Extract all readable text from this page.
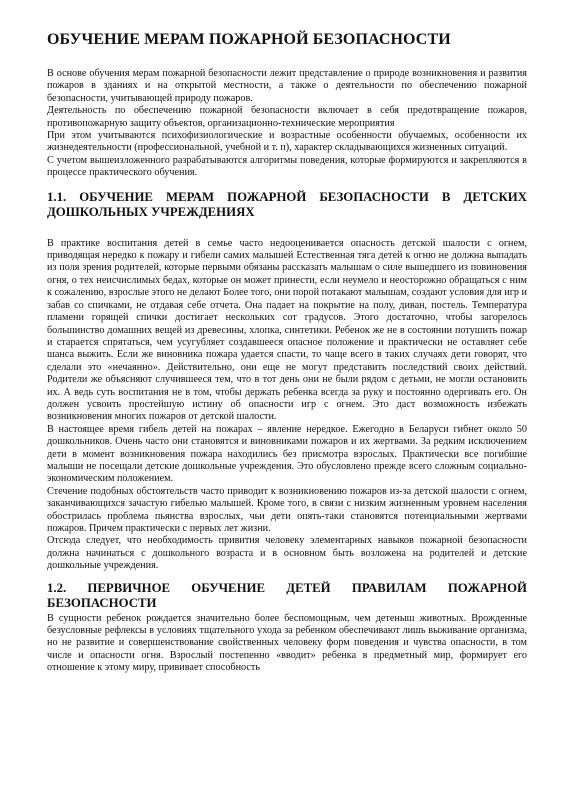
ОБУЧЕНИЕ МЕРАМ ПОЖАРНОЙ БЕЗОПАСНОСТИ

В основе обучения мерам пожарной безопасности лежит представление о природе возникновения и развития пожаров в зданиях и на открытой местности, а также о деятельности по обеспечению пожарной безопасности, учитывающей природу пожаров.

Деятельность по обеспечению пожарной безопасности включает в себя предотвращение пожаров, противопожарную защиту объектов, организационно-технические мероприятия

При этом учитываются психофизиологические и возрастные особенности обучаемых, особенности их жизнедеятельности (профессиональной, учебной и т. п), характер складывающихся жизненных ситуаций.

С учетом вышеизложенного разрабатываются алгоритмы поведения, которые формируются и закрепляются в процессе практического обучения.

1.1. ОБУЧЕНИЕ МЕРАМ ПОЖАРНОЙ БЕЗОПАСНОСТИ В ДЕТСКИХ ДОШКОЛЬНЫХ УЧРЕЖДЕНИЯХ

В практике воспитания детей в семье часто недооценивается опасность детской шалости с огнем, приводящая нередко к пожару и гибели самих малышей Естественная тяга детей к огню не должна выпадать из поля зрения родителей, которые первыми обязаны рассказать малышам о силе вышедшего из повиновения огня, о тех неисчислимых бедах, которые он может принести, если неумело и неосторожно обращаться с ним к сожалению, взрослые этого не делают Более того, они порой потакают малышам, создают условия для игр и забав со спичками, не отдавая себе отчета. Она падает на покрытие на полу, диван, постель. Температура пламени горящей спички достигает нескольких сот градусов. Этого достаточно, чтобы загорелось большинство домашних вещей из древесины, хлопка, синтетики. Ребенок же не в состоянии потушить пожар и старается спрятаться, чем усугубляет создавшееся опасное положение и практически не оставляет себе шанса выжить. Если же виновника пожара удается спасти, то чаще всего в таких случаях дети говорят, что сделали это «нечаянно». Действительно, они еще не могут представить последствий своих действий. Родители же объясняют случившееся тем, что в тот день они не были рядом с детьми, не могли остановить их. А ведь суть воспитания не в том, чтобы держать ребенка всегда за руку и постоянно одергивать его. Он должен усвоить простейшую истину об опасности игр с огнем. Это даст возможность избежать возникновения многих пожаров от детской шалости.

В настоящее время гибель детей на пожарах – явление нередкое. Ежегодно в Беларуси гибнет около 50 дошкольников. Очень часто они становятся и виновниками пожаров и их жертвами. За редким исключением дети в момент возникновения пожара находились без присмотра взрослых. Практически все погибшие малыши не посещали детские дошкольные учреждения. Это обусловлено прежде всего сложным социально-экономическим положением.

Стечение подобных обстоятельств часто приводит к возникновению пожаров из-за детской шалости с огнем, заканчивающихся зачастую гибелью малышей. Кроме того, в связи с низким жизненным уровнем населения обострилась проблема пьянства взрослых, чьи дети опять-таки становятся потенциальными жертвами пожаров. Причем практически с первых лет жизни.

Отсюда следует, что необходимость привития человеку элементарных навыков пожарной безопасности должна начинаться с дошкольного возраста и в основном быть возложена на родителей и детские дошкольные учреждения.

1.2. ПЕРВИЧНОЕ ОБУЧЕНИЕ ДЕТЕЙ ПРАВИЛАМ ПОЖАРНОЙ БЕЗОПАСНОСТИ

В сущности ребенок рождается значительно более беспомощным, чем детеныш животных. Врожденные безусловные рефлексы в условиях тщательного ухода за ребенком обеспечивают лишь выживание организма, но не развитие и совершенствование свойственных человеку форм поведения и чувства опасности, в том числе и опасности огня. Взрослый постепенно «вводит» ребенка в предметный мир, формирует его отношение к этому миру, прививает способность
